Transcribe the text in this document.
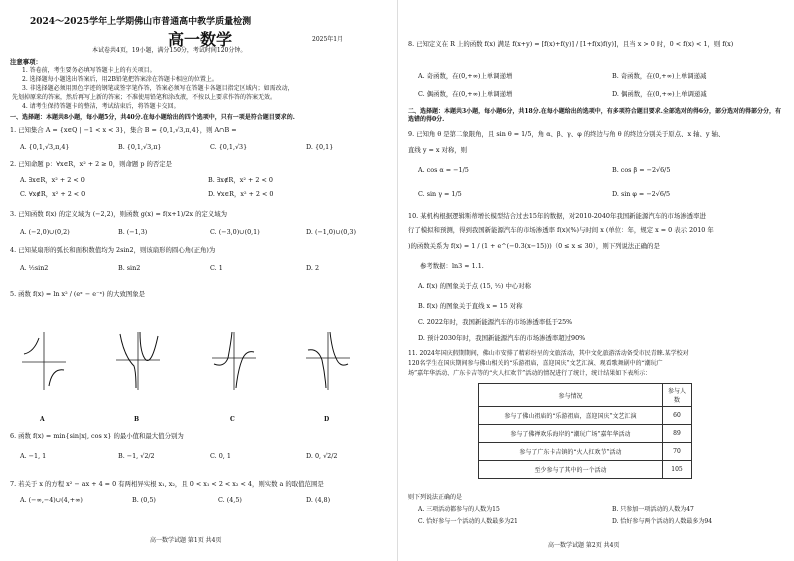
2024～2025学年上学期佛山市普通高中教学质量检测
高一数学	2025年1月
本试卷共4页，19小题，满分150分，考试时间120分钟。
注意事项：
1. 答卷前，考生要务必填写答题卡上的有关项目。
2. 选择题每小题选出答案后，用2B铅笔把答案涂在答题卡相应的位置上。
3. 非选择题必须用黑色字迹的钢笔或签字笔作答，答案必须写在答题卡各题目指定区域内；如需改动，
先划掉原来的答案，然后再写上新的答案；不准使用铅笔和涂改液，不按以上要求作答的答案无效。
4. 请考生保持答题卡的整洁，考试结束后，将答题卡交回。
一、选择题：本题共8小题，每小题5分，共40分.在每小题给出的四个选项中，只有一项是符合题目要求的.
1. 已知集合 A = {x∈Q | −1 < x < 3}，集合 B = {0,1,√3,π,4}，则 A∩B =
A. {0,1,√3,π,4}	B. {0,1,√3,π}	C. {0,1,√3}	D. {0,1}
2. 已知命题 p：∀x∈R，x² + 2 ≥ 0，则命题 p 的否定是
A. ∃x∈R，x² + 2 < 0	B. ∃x∉R，x² + 2 < 0
C. ∀x∉R，x² + 2 < 0	D. ∀x∈R，x² + 2 < 0
3. 已知函数 f(x) 的定义域为 (−2,2)，则函数 g(x) = f(x+1)/2x 的定义域为
A. (−2,0)∪(0,2)	B. (−1,3)	C. (−3,0)∪(0,1)	D. (−1,0)∪(0,3)
4. 已知某扇形的弧长和面积数值均为 2sin2，则该扇形的圆心角(正角)为
A. ½sin2	B. sin2	C. 1	D. 2
5. 函数 f(x) = ln x² / (eˣ − e⁻ˣ) 的大致图象是
A	B	C	D
6. 函数 f(x) = min{sin|x|, cos x} 的最小值和最大值分别为
A. −1, 1	B. −1, √2/2	C. 0, 1	D. 0, √2/2
7. 若关于 x 的方程 x² − ax + 4 = 0 有两相异实根 x₁, x₂，且 0 < x₁ < 2 < x₂ < 4，则实数 a 的取值范围是
A. (−∞,−4)∪(4,+∞)	B. (0,5)	C. (4,5)	D. (4,8)
高一数学试题 第1页 共4页
8. 已知定义在 R 上的函数 f(x) 满足 f(x+y) = [f(x)+f(y)] / [1+f(x)f(y)]，且当 x > 0 时，0 < f(x) < 1，则 f(x)
A. 奇函数，在(0,+∞)上单调递增	B. 奇函数，在(0,+∞)上单调递减
C. 偶函数，在(0,+∞)上单调递增	D. 偶函数，在(0,+∞)上单调递减
二、选择题：本题共3小题，每小题6分，共18分.在每小题给出的选项中，有多项符合题目要求.全部选对的得6分，部分选对的得部分分，有选错的得0分.
9. 已知角 θ 是第二象限角，且 sin θ = 1/5，角 α、β、γ、φ 的终边与角 θ 的终边分别关于原点、x 轴、y 轴、
直线 y = x 对称，则
A. cos α = −1/5	B. cos β = −2√6/5
C. sin γ = 1/5	D. sin φ = −2√6/5
10. 某机构根据逻辑斯蒂增长模型结合过去15年的数据，对2010-2040年我国新能源汽车的市场渗透率进
行了模拟和预测，得到我国新能源汽车的市场渗透率 f(x)(%)与时间 x (单位：年，规定 x = 0 表示 2010 年
)的函数关系为 f(x) = 1 / (1 + e^(−0.3(x−15)))（0 ≤ x ≤ 30），则下列说法正确的是
参考数据：ln3 ≈ 1.1.
A. f(x) 的图象关于点 (15, ½) 中心对称
B. f(x) 的图象关于直线 x = 15 对称
C. 2022年时，我国新能源汽车的市场渗透率低于25%
D. 预计2030年时，我国新能源汽车的市场渗透率超过90%
11. 2024年国庆假期期间，佛山市安排了精彩纷呈的文旅活动，其中文化旅游活动备受市民青睐.某学校对
120名学生在国庆期间参与佛山相关的“乐游祖庙，喜迎国庆”文艺汇演、观看歌舞剧中的“潮玩广
场”嘉年华活动、广东卡吉等的“火人扛欢节”活动的情况进行了统计，统计结果如下表所示：
参与情况	参与人数
参与了佛山祖庙的“乐游祖庙，喜迎国庆”文艺汇演	60
参与了佛禅欢乐海岸的“潮玩广场”嘉年华活动	89
参与了广东卡吉镇的“火人扛欢节”活动	70
至少参与了其中的一个活动	105
则下列说法正确的是
A. 三项活动都参与的人数为15	B. 只参加一项活动的人数为47
C. 恰好参与一个活动的人数最多为21	D. 恰好参与两个活动的人数最多为94
高一数学试题 第2页 共4页
